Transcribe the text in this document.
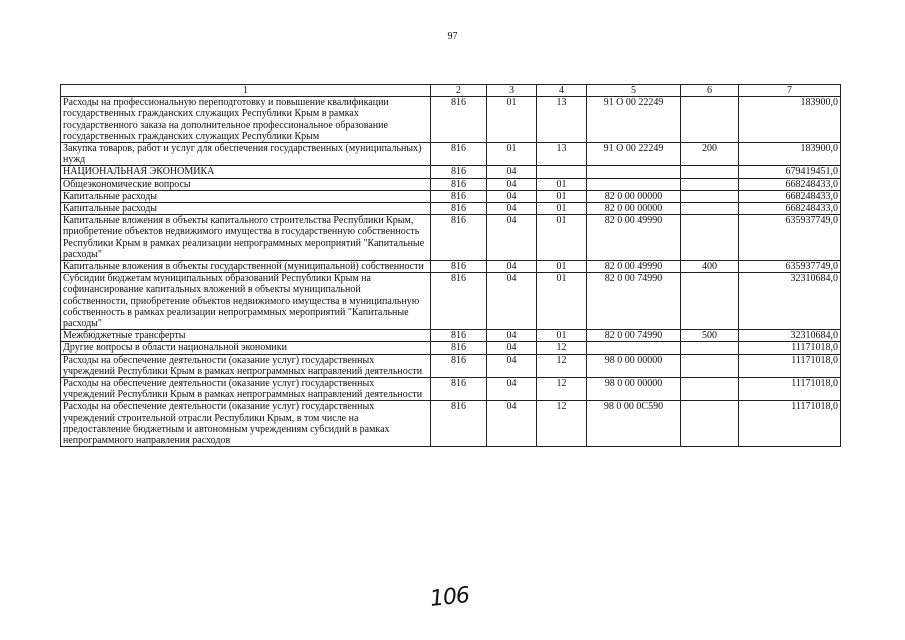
97
1	2	3	4	5	6	7
Расходы на профессиональную переподготовку и повышение квалификации государственных гражданских служащих Республики Крым в рамках государственного заказа на дополнительное профессиональное образование государственных гражданских служащих Республики Крым	816	01	13	91 О 00 22249		183900,0
Закупка товаров, работ и услуг для обеспечения государственных (муниципальных) нужд	816	01	13	91 О 00 22249	200	183900,0
НАЦИОНАЛЬНАЯ ЭКОНОМИКА	816	04				679419451,0
Общеэкономические вопросы	816	04	01			668248433,0
Капитальные расходы	816	04	01	82 0 00 00000		668248433,0
Капитальные расходы	816	04	01	82 0 00 00000		668248433,0
Капитальные вложения в объекты капитального строительства Республики Крым, приобретение объектов недвижимого имущества в государственную собственность Республики Крым в рамках реализации непрограммных мероприятий "Капитальные расходы"	816	04	01	82 0 00 49990		635937749,0
Капитальные вложения в объекты государственной (муниципальной) собственности	816	04	01	82 0 00 49990	400	635937749,0
Субсидии бюджетам муниципальных образований Республики Крым на софинансирование капитальных вложений в объекты муниципальной собственности, приобретение объектов недвижимого имущества в муниципальную собственность в рамках реализации непрограммных мероприятий "Капитальные расходы"	816	04	01	82 0 00 74990		32310684,0
Межбюджетные трансферты	816	04	01	82 0 00 74990	500	32310684,0
Другие вопросы в области национальной экономики	816	04	12			11171018,0
Расходы на обеспечение деятельности (оказание услуг) государственных учреждений Республики Крым в рамках непрограммных направлений деятельности	816	04	12	98 0 00 00000		11171018,0
Расходы на обеспечение деятельности (оказание услуг) государственных учреждений Республики Крым в рамках непрограммных направлений деятельности	816	04	12	98 0 00 00000		11171018,0
Расходы на обеспечение деятельности (оказание услуг) государственных учреждений строительной отрасли Республики Крым, в том числе на предоставление бюджетным и автономным учреждениям субсидий в рамках непрограммного направления расходов	816	04	12	98 0 00 0С590		11171018,0
106
